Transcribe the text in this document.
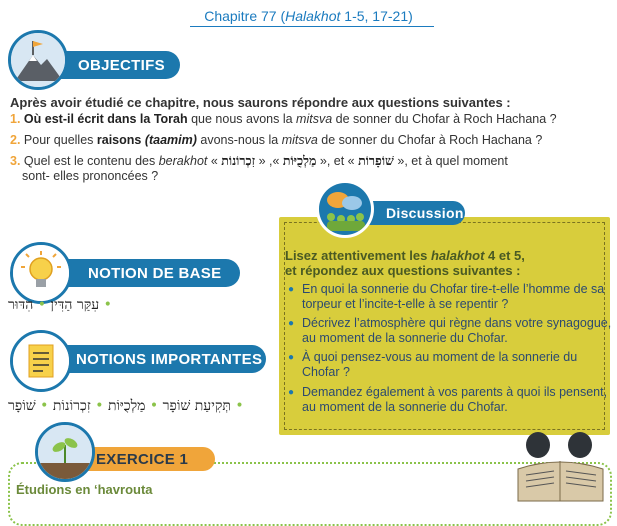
Chapitre 77 (Halakhot 1-5, 17-21)
OBJECTIFS
Après avoir étudié ce chapitre, nous saurons répondre aux questions suivantes :
1. Où est-il écrit dans la Torah que nous avons la mitsva de sonner du Chofar à Roch Hachana ?
2. Pour quelles raisons (taamim) avons-nous la mitsva de sonner du Chofar à Roch Hachana ?
3. Quel est le contenu des berakhot «	מַלְכֻיּוֹת », « זִכְרוֹנוֹת	», et « שׁוֹפָרוֹת », et à quel moment
sont- elles prononcées ?
Discussion
Lisez attentivement les halakhot 4 et 5,
et répondez aux questions suivantes :
● En quoi la sonnerie du Chofar tire-t-elle l’homme de sa torpeur et l’incite-t-elle à se repentir ?
● Décrivez l’atmosphère qui règne dans votre synagogue, au moment de la sonnerie du Chofar.
● À quoi pensez-vous au moment de la sonnerie du Chofar ?
● Demandez également à vos parents à quoi ils pensent, au moment de la sonnerie du Chofar.
NOTION DE BASE
עִקַּר הַדִּין • הִדּוּר	•
NOTIONS IMPORTANTES
תְּקִיעַת שׁוֹפָר • מַלְכֻיּוֹת • זִכְרוֹנוֹת • שׁוֹפָר	•
EXERCICE 1
Étudions en ‘havrouta
